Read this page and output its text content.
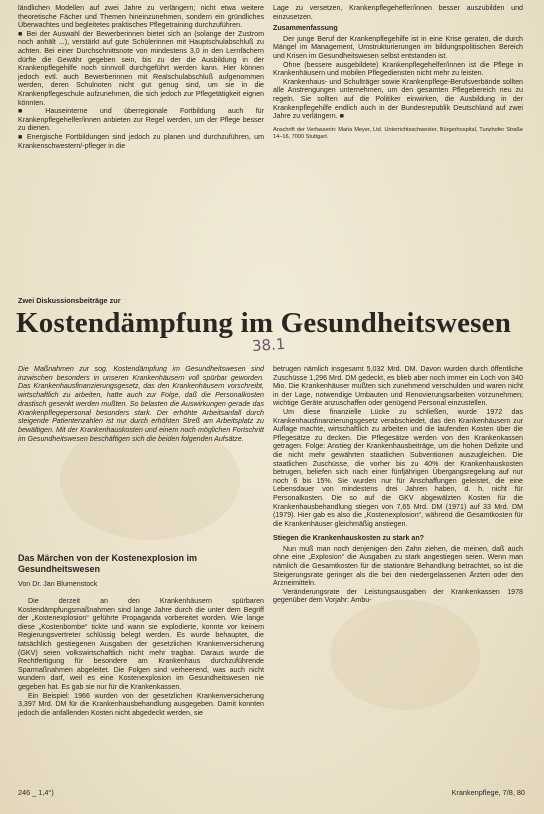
ländlichen Modellen auf zwei Jahre zu verlängern; nicht etwa weitere theoretische Fächer und Themen hineinzunehmen, sondern ein gründliches Überwachtes und begleitetes praktisches Pflegetraining durchzuführen.

■ Bei der Auswahl der Bewerberinnen bietet sich an (solange der Zustrom noch anhält ...), verstärkt auf gute Schülerinnen mit Hauptschulabschluß zu achten. Bei einer Durchschnittsnote von mindestens 3,0 in den Lernfächern dürfte die Gewähr gegeben sein, bis zu der die Ausbildung in der Krankenpflegehilfe noch sinnvoll durchgeführt werden kann. Hier können jedoch evtl. auch Bewerberinnen mit Realschulabschluß aufgenommen werden, deren Schulnoten nicht gut genug sind, um sie in die Krankenpflegeschule aufzunehmen, die sich jedoch zur Pflegetätigkeit eignen könnten.

■ Hauseinterne und überregionale Fortbildung auch für Krankenpflegehelfer/innen anbieten zur Regel werden, um der Pflege besser zu dienen.

■ Energische Fortbildungen sind jedoch zu planen und durchzuführen, um Krankenschwestern/-pfleger in die

Lage zu versetzen, Krankenpflegehelfer/innen besser auszubilden und einzusetzen.

Zusammenfassung

Der junge Beruf der Krankenpflegehilfe ist in eine Krise geraten, die durch Mängel im Management, Umstrukturierungen im bildungspolitischen Bereich und Krisen im Gesundheitswesen selbst entstanden ist.

Ohne (bessere ausgebildete) Krankenpflegehelfer/innen ist die Pflege in Krankenhäusern und mobilen Pflegediensten nicht mehr zu leisten.

Krankenhaus- und Schulträger sowie Krankenpflege-Berufsverbände sollten alle Anstrengungen unternehmen, um den gesamten Pflegebereich neu zu regeln. Sie sollten auf die Politiker einwirken, die Ausbildung in der Krankenpflegehilfe endlich auch in der Bundesrepublik Deutschland auf zwei Jahre zu verlängern. ■

Anschrift der Verfasserin: Maria Meyer, Ltd. Unterrichtsschwester, Bürgerhospital, Tunzhofer Straße 14–16, 7000 Stuttgart.

Zwei Diskussionsbeiträge zur
Kostendämpfung im Gesundheitswesen
38.1
Die Maßnahmen zur sog. Kostendämpfung im Gesundheitswesen sind inzwischen besonders in unseren Krankenhäusern voll spürbar geworden. Das Krankenhausfinanzierungsgesetz, das den Krankenhäusern vorschreibt, wirtschaftlich zu arbeiten, hatte auch zur Folge, daß die Personalkosten drastisch gesenkt werden mußten. So belasten die Auswirkungen gerade das Krankenpflegepersonal besonders stark. Der erhöhte Arbeitsanfall durch steigende Patientenzahlen ist nur durch erhöhten Streß am Arbeitsplatz zu bewältigen. Mit der Krankenhauskosten und einem noch möglichen Fortschritt im Gesundheitswesen beschäftigen sich die beiden folgenden Aufsätze.
Das Märchen von der Kostenexplosion im Gesundheitswesen
Von Dr. Jan Blumenstock

Die derzeit an den Krankenhäusern spürbaren Kostendämpfungsmaßnahmen sind lange Jahre durch die unter dem Begriff der „Kostenexplosion“ geführte Propaganda vorbereitet worden. Wie lange diese „Kostenbombe“ tickte und wann sie explodierte, konnte vor keinem Regierungsvertreter schlüssig belegt werden. Es wurde behauptet, die tatsächlich gestiegenen Ausgaben der gesetzlichen Krankenversicherung (GKV) seien volkswirtschaftlich nicht mehr tragbar. Daraus wurde die Rechtfertigung für besondere am Krankenhaus durchzuführende Sparmaßnahmen abgeleitet. Die Folgen sind verheerend, was auch nicht wundern darf, weil es eine Kostenexplosion im Gesundheitswesen nie gegeben hat. Es gab sie nur für die Krankenkassen.

Ein Beispiel: 1966 wurden von der gesetzlichen Krankenversicherung 3,397 Mrd. DM für die Krankenhausbehandlung ausgegeben. Damit konnten jedoch die anfallenden Kosten nicht abgedeckt werden, sie

betrugen nämlich insgesamt 5,032 Mrd. DM. Davon wurden durch öffentliche Zuschüsse 1,296 Mrd. DM gedeckt, es blieb aber noch immer ein Loch von 340 Mio. Die Krankenhäuser mußten sich zunehmend verschulden und waren nicht in der Lage, notwendige Umbauten und Renovierungsarbeiten vorzunehmen; wichtige Geräte anzuschaffen oder genügend Personal einzustellen.

Um diese finanzielle Lücke zu schließen, wurde 1972 das Krankenhausfinanzierungsgesetz verabschiedet, das den Krankenhäusern zur Auflage machte, wirtschaftlich zu arbeiten und die laufenden Kosten über die Pflegesätze zu decken. Die Pflegesätze werden von den Krankenkassen getragen. Folge: Anstieg der Krankenhausbeiträge, um die hohen Defizite und die nicht mehr gewährten staatlichen Subventionen auszugleichen. Die staatlichen Zuschüsse, die vorher bis zu 40% der Krankenhauskosten betrugen, beliefen sich nach einer fünfjährigen Übergangsregelung auf nur noch 6 bis 15%. Sie wurden nur für Anschaffungen geleistet, die eine Lebensdauer von mindestens drei Jahren haben, d. h. nicht für Personalkosten. Die so auf die GKV abgewälzten Kosten für die Krankenhausbehandlung stiegen von 7,65 Mrd. DM (1971) auf 33 Mrd. DM (1979). Hier gab es also die „Kostenexplosion“, während die Gesamtkosten für die Krankenhäuser gleichmäßig anstiegen.

Stiegen die Krankenhauskosten zu stark an?

Nun muß man noch denjenigen den Zahn ziehen, die meinen, daß auch ohne eine „Explosion“ die Ausgaben zu stark angestiegen seien. Wenn man nämlich die Gesamtkosten für die stationäre Behandlung betrachtet, so ist die Steigerungsrate geringer als die bei den niedergelassenen Ärzten oder den Arzneimitteln.

Veränderungsrate der Leistungsausgaben der Krankenkassen 1978 gegenüber dem Vorjahr: Ambu-

246 _ 1,4°)	Krankenpflege, 7/8, 80
